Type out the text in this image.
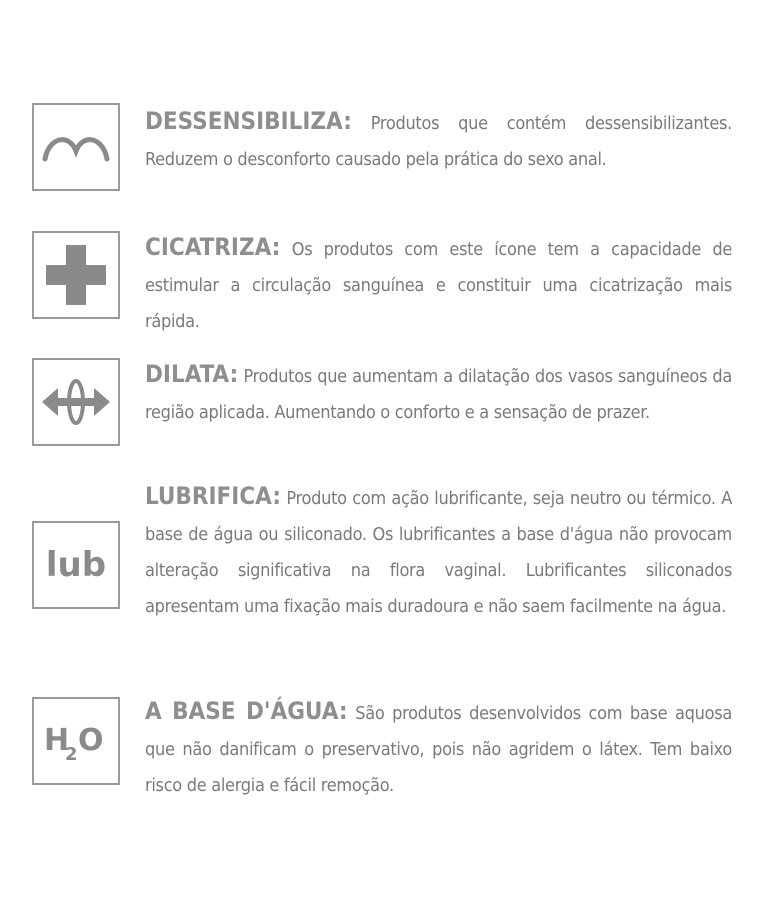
DESSENSIBILIZA: Produtos que contém dessensibilizantes. Reduzem o desconforto causado pela prática do sexo anal.
CICATRIZA: Os produtos com este ícone tem a capacidade de estimular a circulação sanguínea e constituir uma cicatrização mais rápida.
DILATA: Produtos que aumentam a dilatação dos vasos sanguíneos da região aplicada. Aumentando o conforto e a sensação de prazer.
lub
LUBRIFICA: Produto com ação lubrificante, seja neutro ou térmico. A base de água ou siliconado. Os lubrificantes a base d'água não provocam alteração significativa na flora vaginal. Lubrificantes siliconados apresentam uma fixação mais duradoura e não saem facilmente na água.
H
2 O
A BASE D'ÁGUA: São produtos desenvolvidos com base aquosa que não danificam o preservativo, pois não agridem o látex. Tem baixo risco de alergia e fácil remoção.
